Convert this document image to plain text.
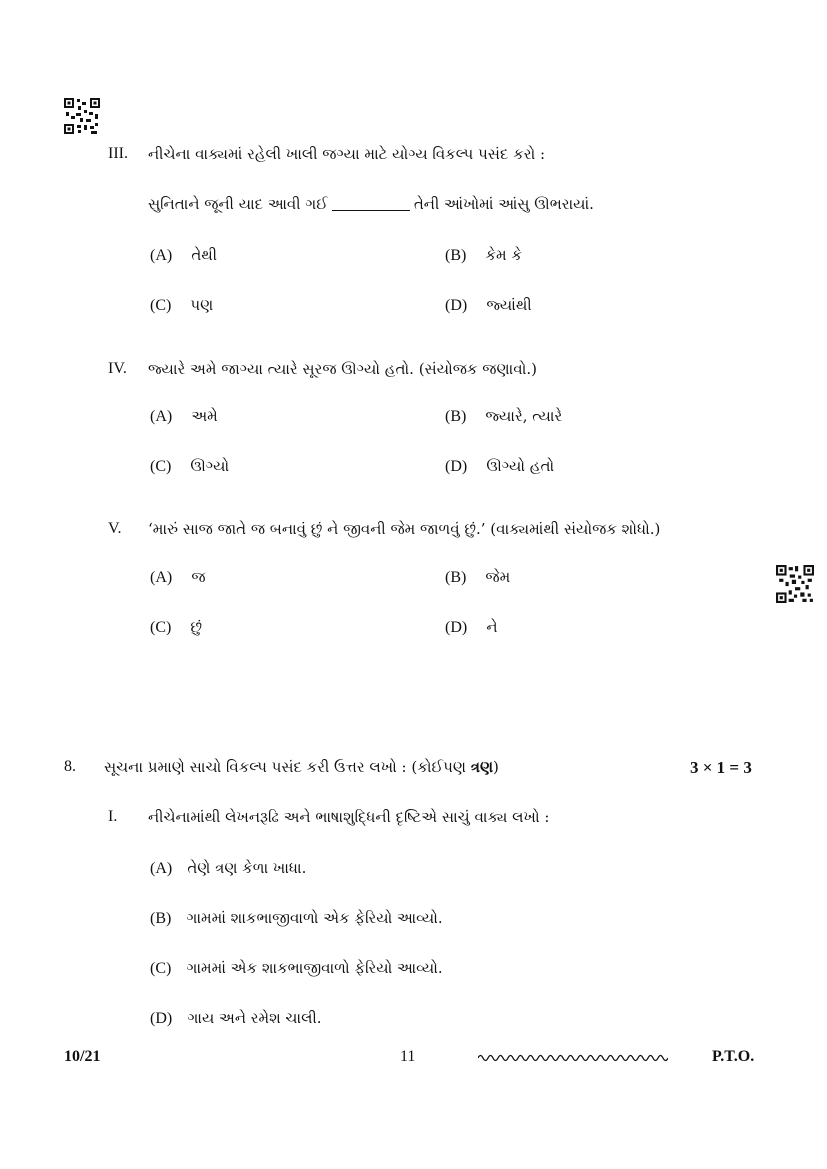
III. નીચેના વાક્યમાં રહેલી ખાલી જગ્યા માટે યોગ્ય વિકલ્પ પસંદ કરો :
સુનિતાને જૂની યાદ આવી ગઈ	તેની આંખોમાં આંસુ ઊભરાયાં.
(A) તેથી	(B) કેમ કે
(C) પણ	(D) જ્યાંથી
IV. જ્યારે અમે જાગ્યા ત્યારે સૂરજ ઊગ્યો હતો. (સંયોજક જણાવો.)
(A) અમે	(B) જ્યારે, ત્યારે
(C) ઊગ્યો	(D) ઊગ્યો હતો
V. ‘મારું સાજ જાતે જ બનાવું છું ને જીવની જેમ જાળવું છું.’ (વાક્યમાંથી સંયોજક શોધો.)
(A) જ	(B) જેમ
(C) છું	(D) ને
8. સૂચના પ્રમાણે સાચો વિકલ્પ પસંદ કરી ઉત્તર લખો : (કોઈપણ ત્રણ)	3 × 1 = 3
I. નીચેનામાંથી લેખનરૂઢિ અને ભાષાશુદ્ધિની દૃષ્ટિએ સાચું વાક્ય લખો :
(A) તેણે ત્રણ કેળા ખાધા.
(B) ગામમાં શાકભાજીવાળો એક ફેરિયો આવ્યો.
(C) ગામમાં એક શાકભાજીવાળો ફેરિયો આવ્યો.
(D) ગાય અને રમેશ ચાલી.
10/21	11	P.T.O.
